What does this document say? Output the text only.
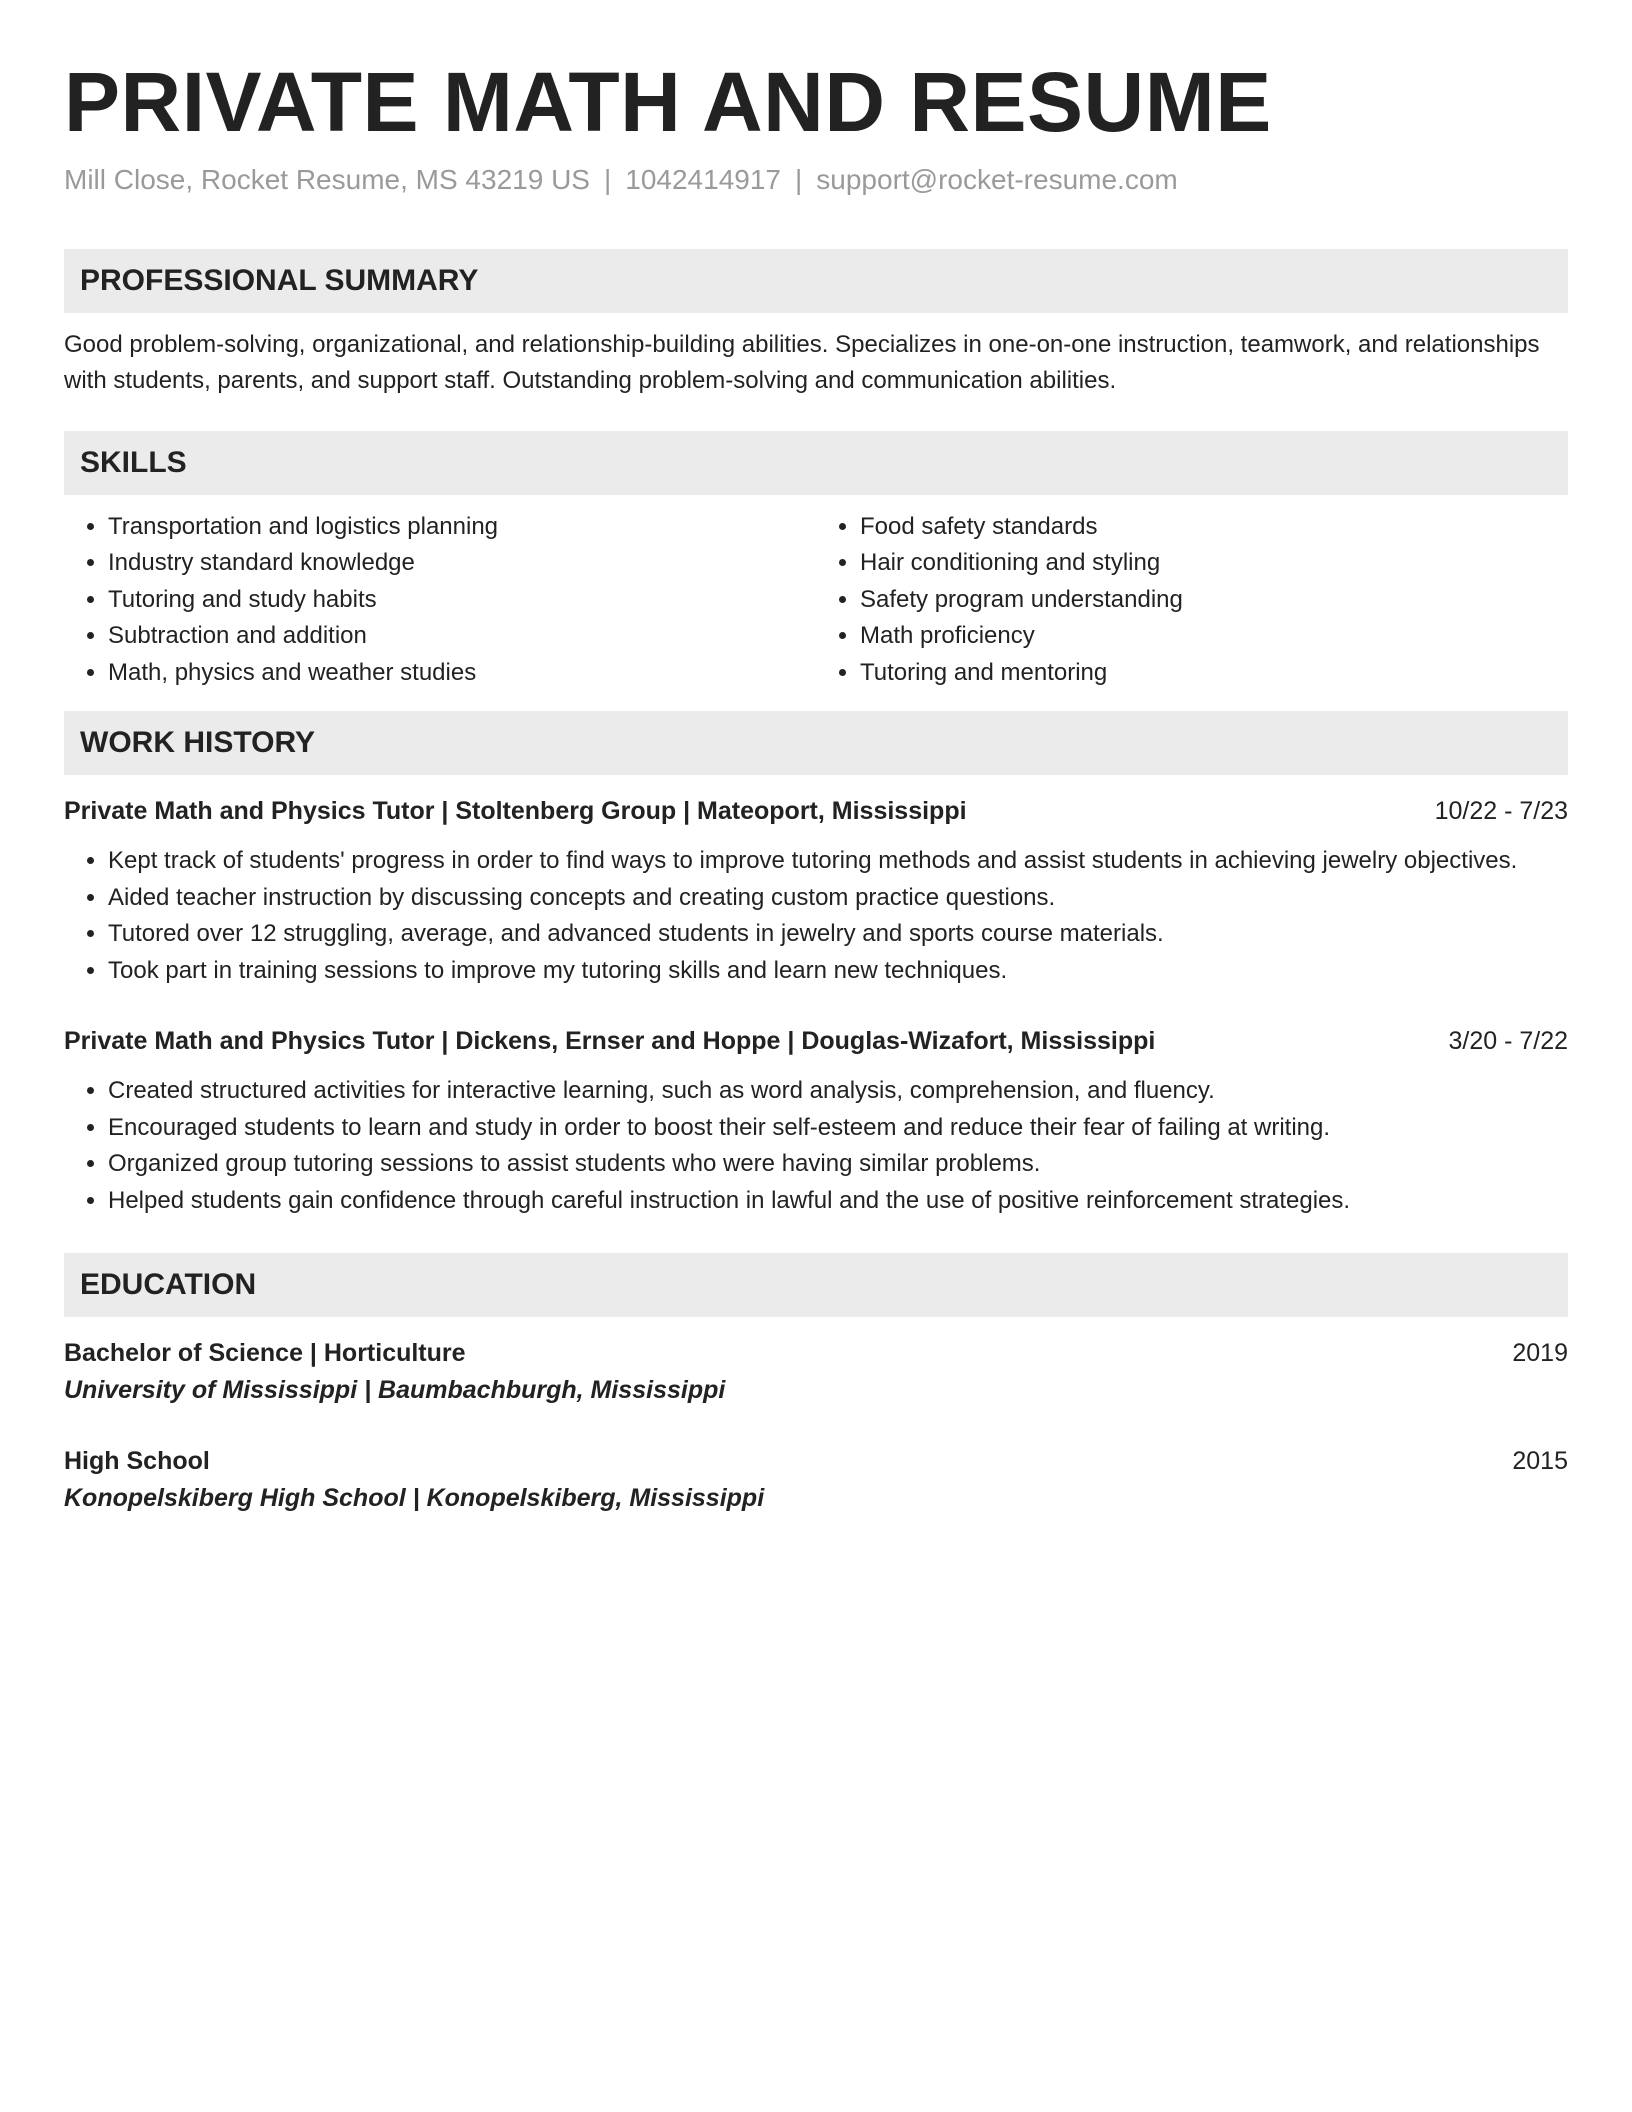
PRIVATE MATH AND RESUME
Mill Close, Rocket Resume, MS 43219 US | 1042414917 | support@rocket-resume.com
PROFESSIONAL SUMMARY

Good problem-solving, organizational, and relationship-building abilities. Specializes in one-on-one instruction, teamwork, and relationships with students, parents, and support staff. Outstanding problem-solving and communication abilities.

SKILLS
• Transportation and logistics planning
• Industry standard knowledge
• Tutoring and study habits
• Subtraction and addition
• Math, physics and weather studies
• Food safety standards
• Hair conditioning and styling
• Safety program understanding
• Math proficiency
• Tutoring and mentoring
WORK HISTORY
Private Math and Physics Tutor | Stoltenberg Group | Mateoport, Mississippi	10/22 - 7/23
• Kept track of students' progress in order to find ways to improve tutoring methods and assist students in achieving jewelry objectives.
• Aided teacher instruction by discussing concepts and creating custom practice questions.
• Tutored over 12 struggling, average, and advanced students in jewelry and sports course materials.
• Took part in training sessions to improve my tutoring skills and learn new techniques.
Private Math and Physics Tutor | Dickens, Ernser and Hoppe | Douglas-Wizafort, Mississippi	3/20 - 7/22
• Created structured activities for interactive learning, such as word analysis, comprehension, and fluency.
• Encouraged students to learn and study in order to boost their self-esteem and reduce their fear of failing at writing.
• Organized group tutoring sessions to assist students who were having similar problems.
• Helped students gain confidence through careful instruction in lawful and the use of positive reinforcement strategies.
EDUCATION
Bachelor of Science | Horticulture	2019
University of Mississippi | Baumbachburgh, Mississippi
High School	2015
Konopelskiberg High School | Konopelskiberg, Mississippi
